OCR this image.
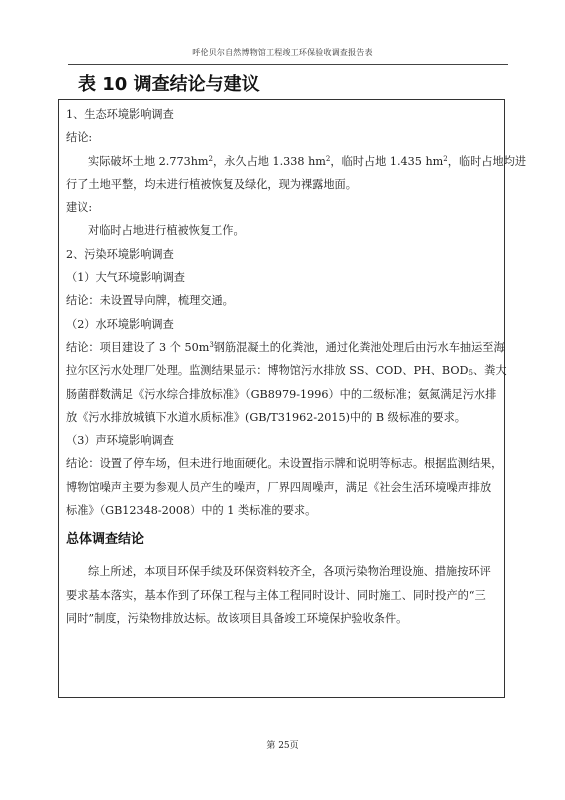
呼伦贝尔自然博物馆工程竣工环保验收调查报告表
表 10 调查结论与建议

1、生态环境影响调查

结论:

实际破坏土地 $2.773hm^2$，永久占地 1.338 $hm^2$，临时占地 1.435 $hm^2$，临时占地均进
行了土地平整，均未进行植被恢复及绿化，现为裸露地面。

建议:

对临时占地进行植被恢复工作。

2、污染环境影响调查

（1）大气环境影响调查

结论：未设置导向牌，梳理交通。

（2）水环境影响调查

结论：项目建设了 3 个 $50m^3$钢筋混凝土的化粪池，通过化粪池处理后由污水车抽运至海
拉尔区污水处理厂处理。监测结果显示：博物馆污水排放 SS、COD、PH、$BOD_5$、粪大
肠菌群数满足《污水综合排放标准》（GB8979-1996）中的二级标准；氨氮满足污水排
放《污水排放城镇下水道水质标准》(GB/T31962-2015)中的 B 级标准的要求。

（3）声环境影响调查

结论：设置了停车场，但未进行地面硬化。未设置指示牌和说明等标志。根据监测结果，
博物馆噪声主要为参观人员产生的噪声，厂界四周噪声，满足《社会生活环境噪声排放
标准》（GB12348-2008）中的 1 类标准的要求。
总体调查结论
综上所述，本项目环保手续及环保资料较齐全，各项污染物治理设施、措施按环评
要求基本落实，基本作到了环保工程与主体工程同时设计、同时施工、同时投产的“三
同时”制度，污染物排放达标。故该项目具备竣工环境保护验收条件。
第 25页
